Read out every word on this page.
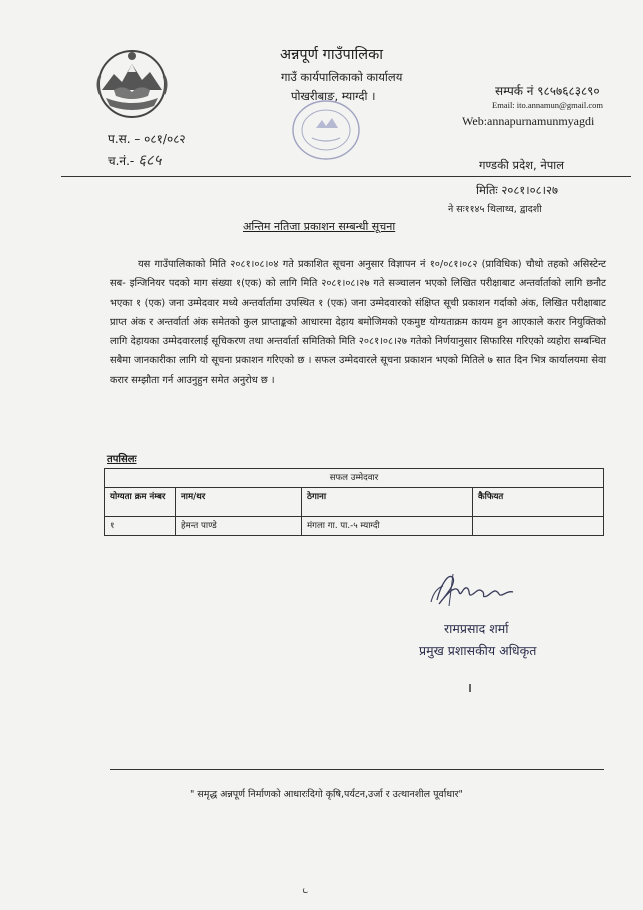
अन्नपूर्ण गाउँपालिका
गाउँ कार्यपालिकाको कार्यालय
पोखरीबाङ, म्याग्दी ।	सम्पर्क नं ९८५७६८३८९०
Email: ito.annamun@gmail.com
Web:annapurnamunmyagdi
प.स. – ०८१/०८२
च.नं.- ६८५	गण्डकी प्रदेश, नेपाल
मितिः २०८१।०८।२७
ने सः११४५ थिलाथ्व, द्वादशी
अन्तिम नतिजा प्रकाशन सम्बन्धी सूचना
यस गाउँपालिकाको मिति २०८१।०८।०४ गते प्रकाशित सूचना अनुसार विज्ञापन नं १०/०८१।०८२ (प्राविधिक) चौथो तहको असिस्टेन्ट सब- इन्जिनियर पदको माग संख्या १(एक) को लागि मिति २०८१।०८।२७ गते सञ्चालन भएको लिखित परीक्षाबाट अन्तर्वार्ताको लागि छनौट भएका १ (एक) जना उम्मेदवार मध्ये अन्तर्वार्तामा उपस्थित १ (एक) जना उम्मेदवारको संक्षिप्त सूची प्रकाशन गर्दाको अंक, लिखित परीक्षाबाट प्राप्त अंक र अन्तर्वार्ता अंक समेतको कुल प्राप्ताङ्कको आधारमा देहाय बमोजिमको एकमुष्ट योग्यताक्रम कायम हुन आएकाले करार नियुक्तिको लागि देहायका उम्मेदवारलाई सूचिकरण तथा अन्तर्वार्ता समितिको मिति २०८१।०८।२७ गतेको निर्णयानुसार सिफारिस गरिएको व्यहोरा सम्बन्धित सबैमा जानकारीका लागि यो सूचना प्रकाशन गरिएको छ । सफल उम्मेदवारले सूचना प्रकाशन भएको मितिले ७ सात दिन भित्र कार्यालयमा सेवा करार सम्झौता गर्न आउनुहुन समेत अनुरोध छ ।
तपसिलः
सफल उम्मेदवार			
योग्यता क्रम नंम्बर	नाम/थर	ठेगाना	कैफियत
१	हेमन्त पाण्डे	मंगला गा. पा.-५ म्याग्दी	
रामप्रसाद शर्मा
प्रमुख प्रशासकीय अधिकृत
" समृद्ध अन्नपूर्ण निर्माणको आधारःदिगो कृषि,पर्यटन,उर्जा र उत्थानशील पूर्वाधार"
